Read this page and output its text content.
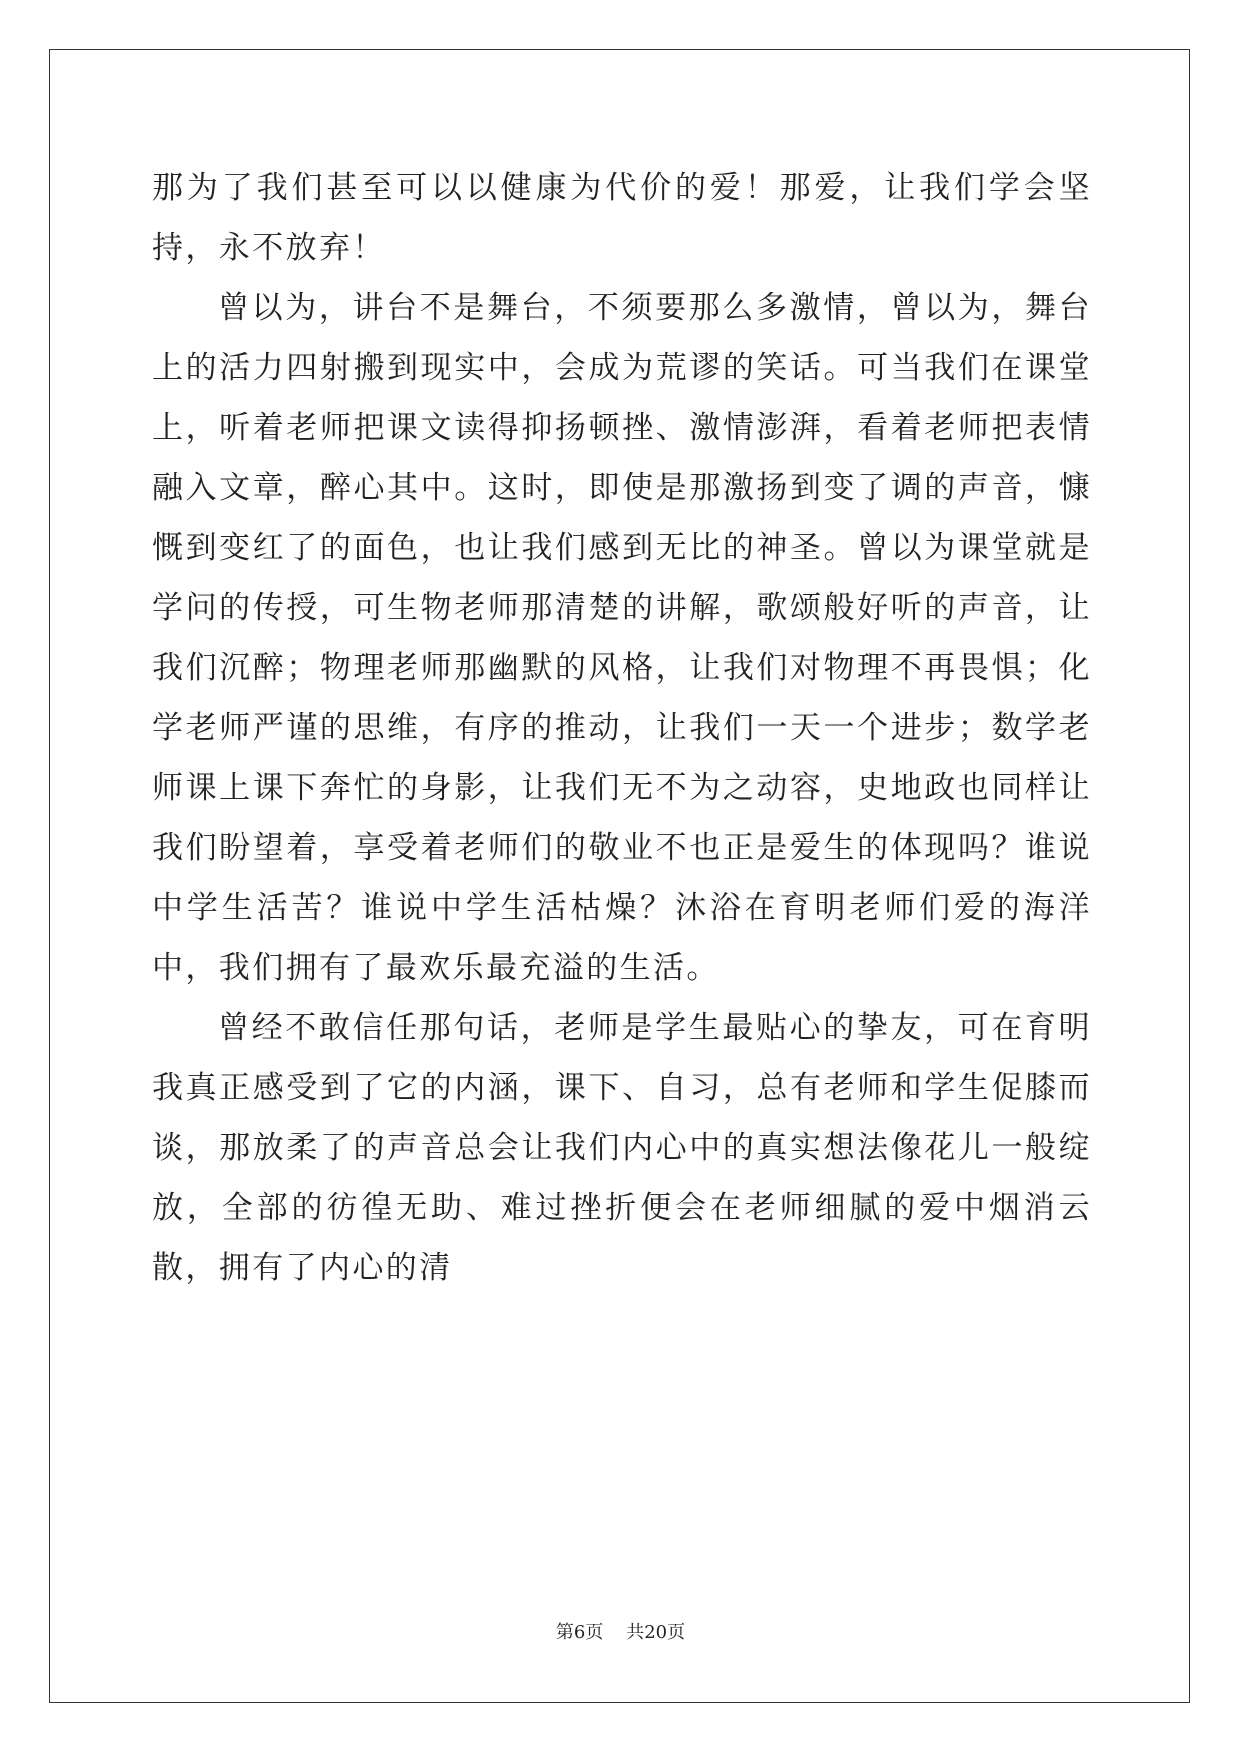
那为了我们甚至可以以健康为代价的爱！那爱，让我们学会坚持，永不放弃！

曾以为，讲台不是舞台，不须要那么多激情，曾以为，舞台上的活力四射搬到现实中，会成为荒谬的笑话。可当我们在课堂上，听着老师把课文读得抑扬顿挫、激情澎湃，看着老师把表情融入文章，醉心其中。这时，即使是那激扬到变了调的声音，慷慨到变红了的面色，也让我们感到无比的神圣。曾以为课堂就是学问的传授，可生物老师那清楚的讲解，歌颂般好听的声音，让我们沉醉；物理老师那幽默的风格，让我们对物理不再畏惧；化学老师严谨的思维，有序的推动，让我们一天一个进步；数学老师课上课下奔忙的身影，让我们无不为之动容，史地政也同样让我们盼望着，享受着老师们的敬业不也正是爱生的体现吗？谁说中学生活苦？谁说中学生活枯燥？沐浴在育明老师们爱的海洋中，我们拥有了最欢乐最充溢的生活。

曾经不敢信任那句话，老师是学生最贴心的挚友，可在育明我真正感受到了它的内涵，课下、自习，总有老师和学生促膝而谈，那放柔了的声音总会让我们内心中的真实想法像花儿一般绽放，全部的彷徨无助、难过挫折便会在老师细腻的爱中烟消云散，拥有了内心的清

第6页 共20页
